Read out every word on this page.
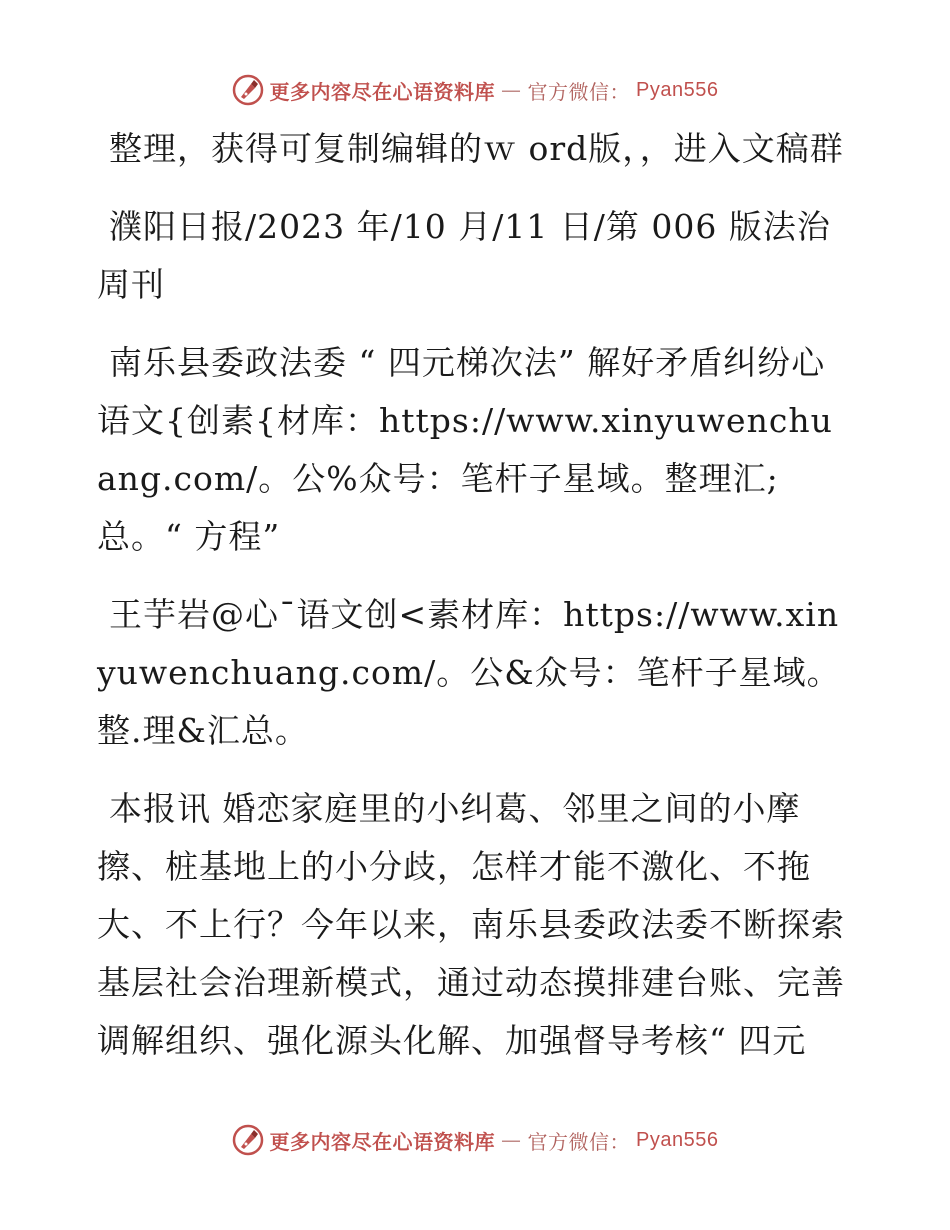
更多内容尽在心语资料库 — 官方微信： Pyan556

整理，获得可复制编辑的ｗ ord版，，进入文稿群

濮阳日报/2023 年/10 月/11 日/第 006 版法治周刊

南乐县委政法委 “ 四元梯次法” 解好矛盾纠纷心语文{创素{材库：https://www.xinyuwenchuang.com/。公%众号：笔杆子星域。整理汇;总。“ 方程”

王芋岩@心¯语文创<素材库：https://www.xinyuwenchuang.com/。公&众号：笔杆子星域。整.理&汇总。

本报讯 婚恋家庭里的小纠葛、邻里之间的小摩擦、桩基地上的小分歧，怎样才能不激化、不拖大、不上行？今年以来，南乐县委政法委不断探索基层社会治理新模式，通过动态摸排建台账、完善调解组织、强化源头化解、加强督导考核“ 四元

更多内容尽在心语资料库 — 官方微信： Pyan556
